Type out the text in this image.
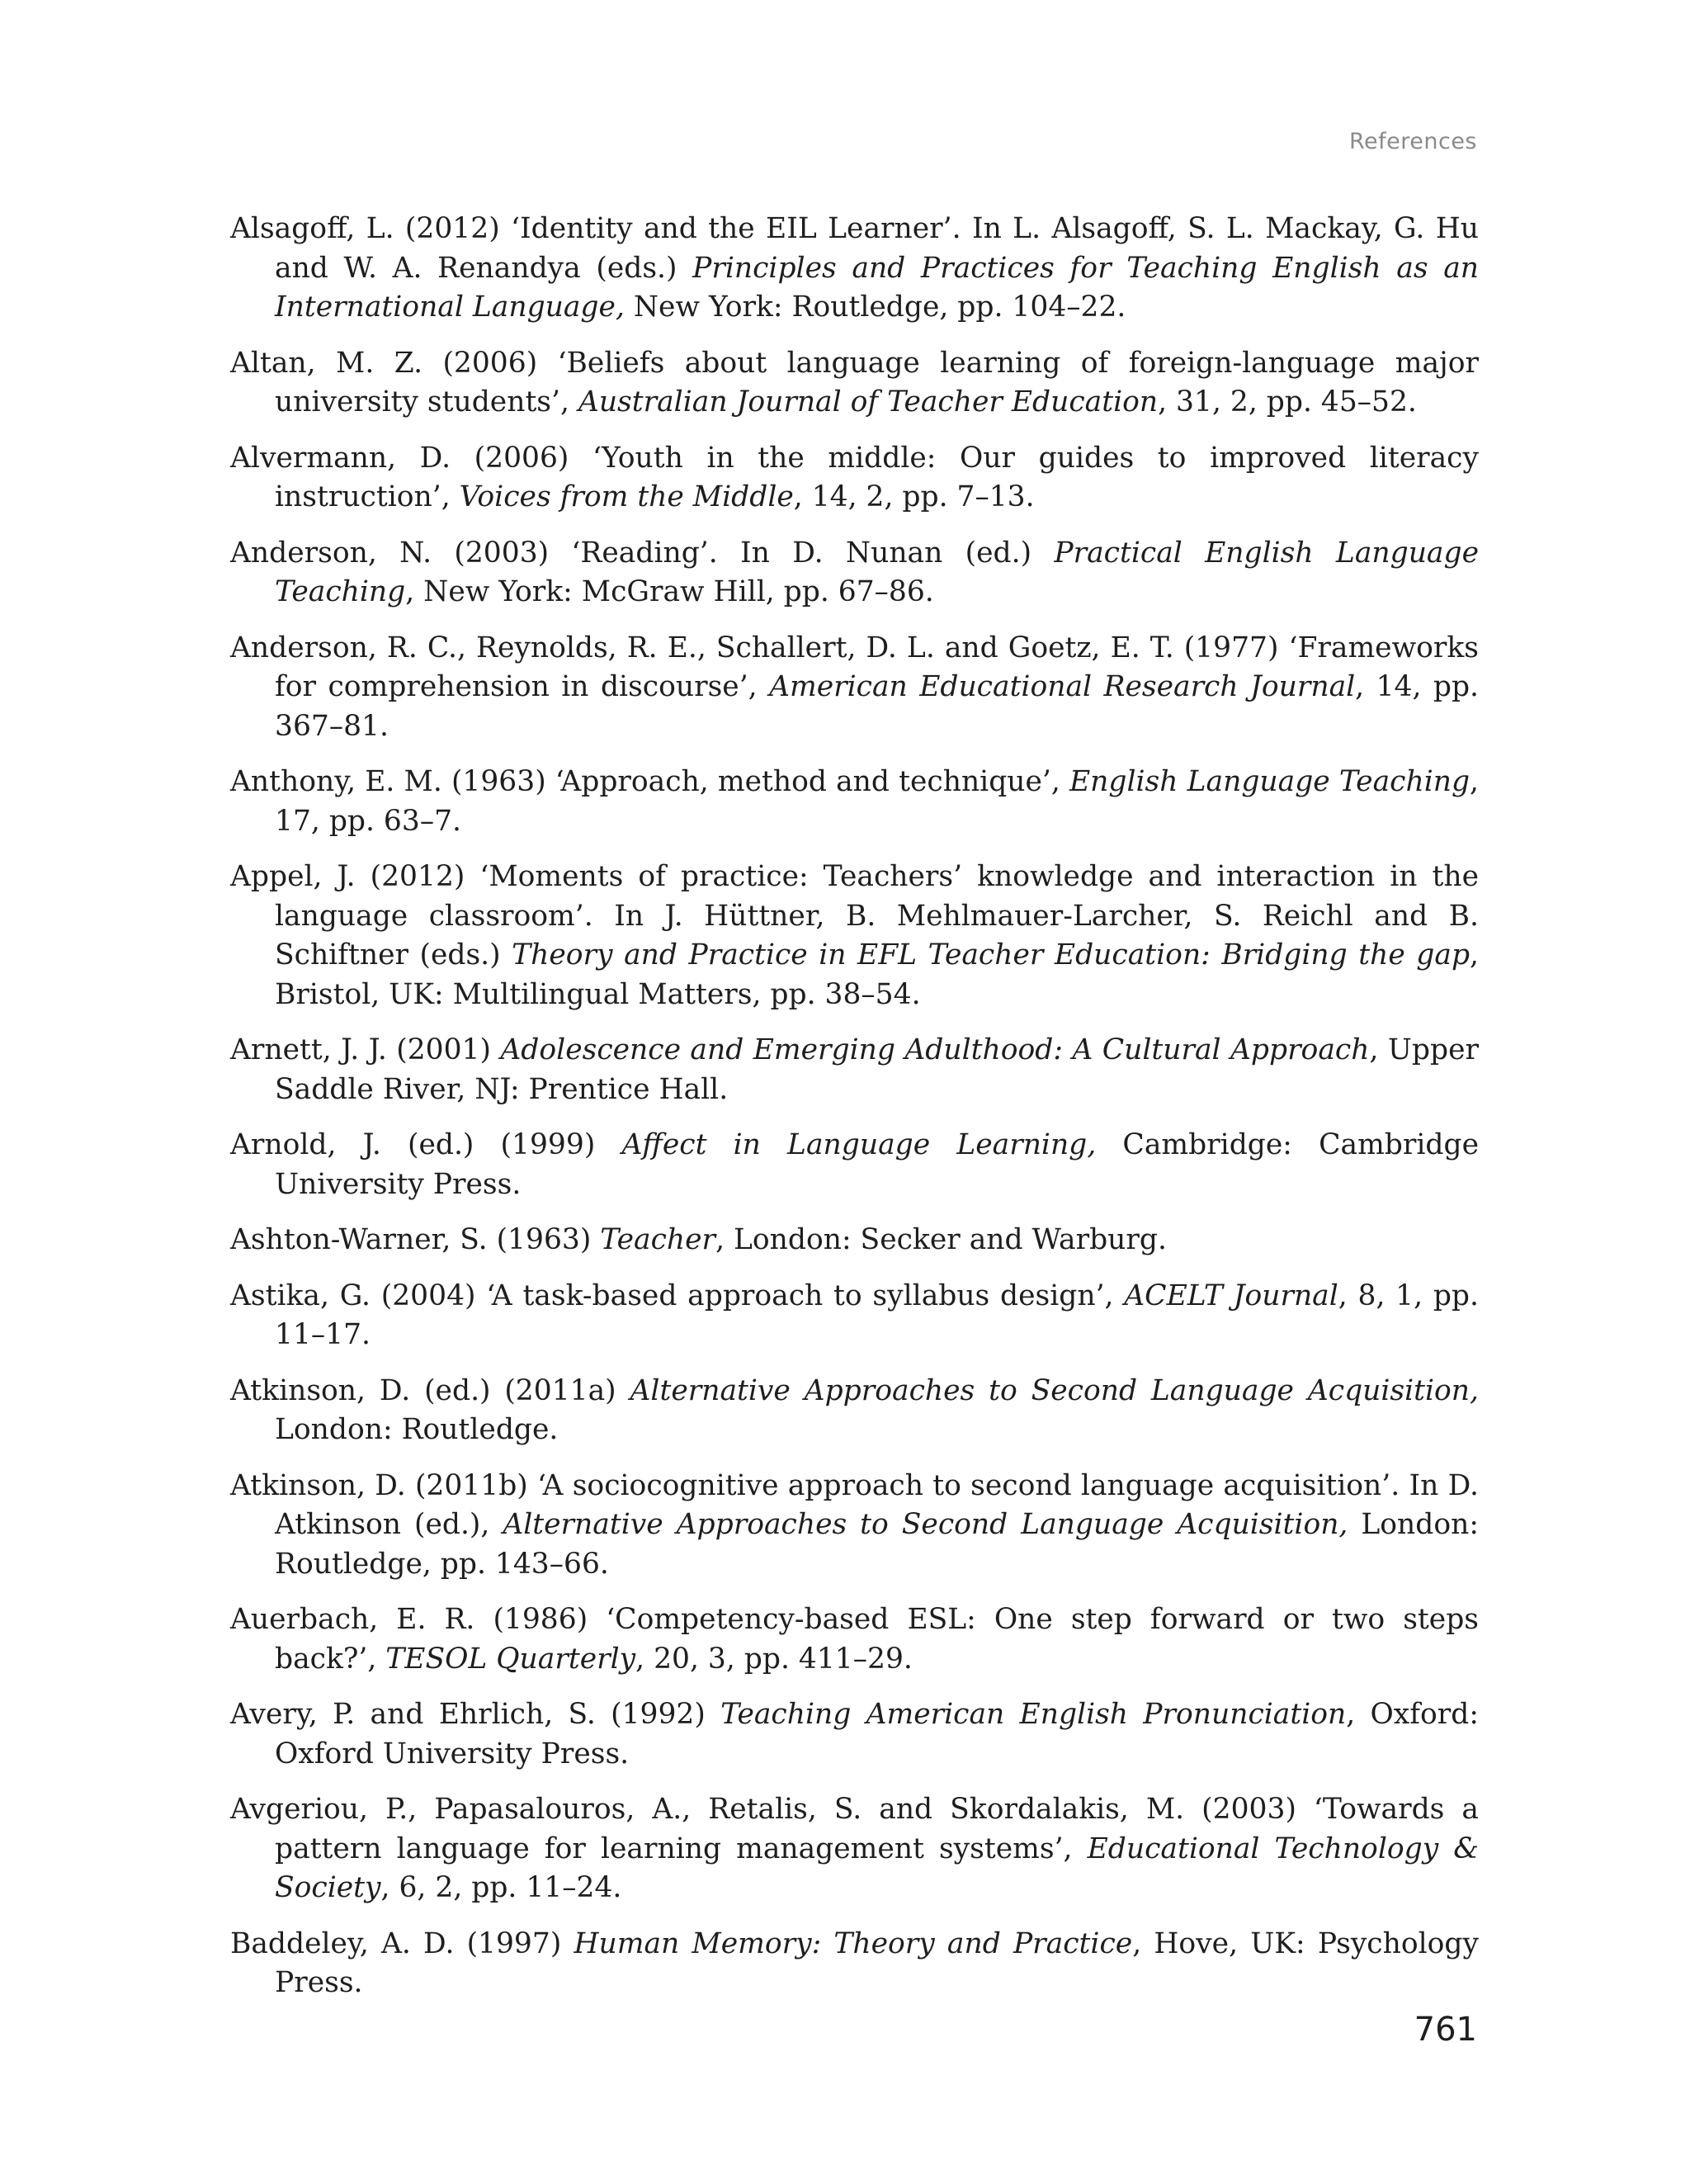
References
Alsagoff, L. (2012) ‘Identity and the EIL Learner’. In L. Alsagoff, S. L. Mackay, G. Hu and W. A. Renandya (eds.) Principles and Practices for Teaching English as an International Language, New York: Routledge, pp. 104–22.
Altan, M. Z. (2006) ‘Beliefs about language learning of foreign-language major university students’, Australian Journal of Teacher Education, 31, 2, pp. 45–52.
Alvermann, D. (2006) ‘Youth in the middle: Our guides to improved literacy instruction’, Voices from the Middle, 14, 2, pp. 7–13.
Anderson, N. (2003) ‘Reading’. In D. Nunan (ed.) Practical English Language Teaching, New York: McGraw Hill, pp. 67–86.
Anderson, R. C., Reynolds, R. E., Schallert, D. L. and Goetz, E. T. (1977) ‘Frameworks for comprehension in discourse’, American Educational Research Journal, 14, pp. 367–81.
Anthony, E. M. (1963) ‘Approach, method and technique’, English Language Teaching, 17, pp. 63–7.
Appel, J. (2012) ‘Moments of practice: Teachers’ knowledge and interaction in the language classroom’. In J. Hüttner, B. Mehlmauer-Larcher, S. Reichl and B. Schiftner (eds.) Theory and Practice in EFL Teacher Education: Bridging the gap, Bristol, UK: Multilingual Matters, pp. 38–54.
Arnett, J. J. (2001) Adolescence and Emerging Adulthood: A Cultural Approach, Upper Saddle River, NJ: Prentice Hall.
Arnold, J. (ed.) (1999) Affect in Language Learning, Cambridge: Cambridge University Press.
Ashton-Warner, S. (1963) Teacher, London: Secker and Warburg.
Astika, G. (2004) ‘A task-based approach to syllabus design’, ACELT Journal, 8, 1, pp. 11–17.
Atkinson, D. (ed.) (2011a) Alternative Approaches to Second Language Acquisition, London: Routledge.
Atkinson, D. (2011b) ‘A sociocognitive approach to second language acquisition’. In D. Atkinson (ed.), Alternative Approaches to Second Language Acquisition, London: Routledge, pp. 143–66.
Auerbach, E. R. (1986) ‘Competency-based ESL: One step forward or two steps back?’, TESOL Quarterly, 20, 3, pp. 411–29.
Avery, P. and Ehrlich, S. (1992) Teaching American English Pronunciation, Oxford: Oxford University Press.
Avgeriou, P., Papasalouros, A., Retalis, S. and Skordalakis, M. (2003) ‘Towards a pattern language for learning management systems’, Educational Technology & Society, 6, 2, pp. 11–24.
Baddeley, A. D. (1997) Human Memory: Theory and Practice, Hove, UK: Psychology Press.
761
